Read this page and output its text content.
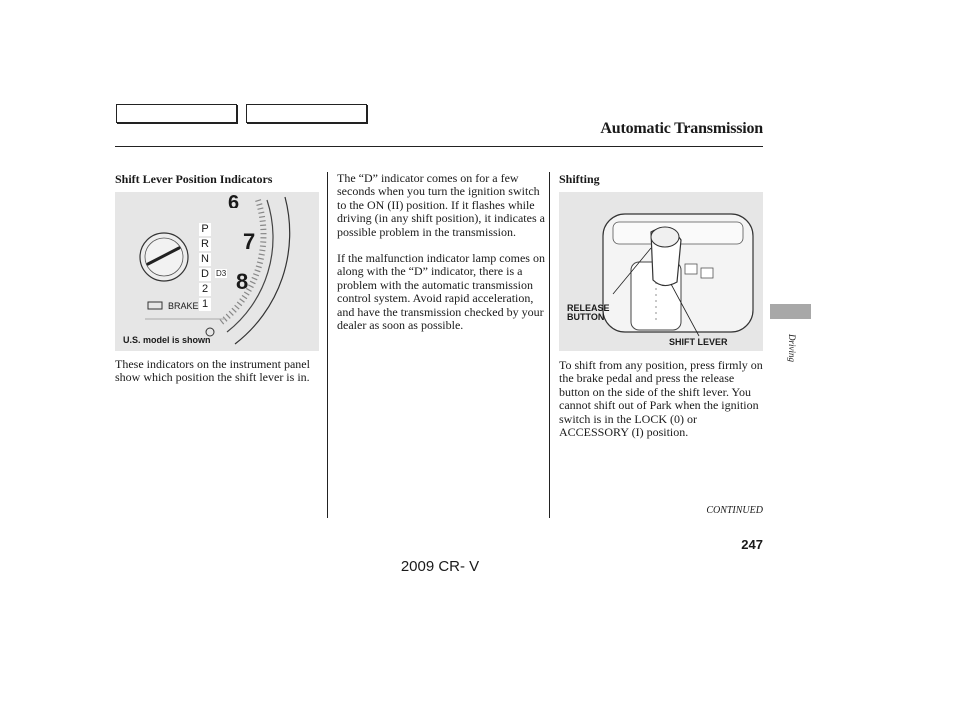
Automatic Transmission
Shift Lever Position Indicators
6
7
8
P
R
N
D
2
1
D3
BRAKE
U.S. model is shown

These indicators on the instrument panel show which position the shift lever is in.

The “D” indicator comes on for a few seconds when you turn the ignition switch to the ON (II) position. If it flashes while driving (in any shift position), it indicates a possible problem in the transmission.

If the malfunction indicator lamp comes on along with the “D” indicator, there is a problem with the automatic transmission control system. Avoid rapid acceleration, and have the transmission checked by your dealer as soon as possible.

Shifting
RELEASE
BUTTON
SHIFT LEVER

To shift from any position, press firmly on the brake pedal and press the release button on the side of the shift lever. You cannot shift out of Park when the ignition switch is in the LOCK (0) or ACCESSORY (I) position.

Driving
CONTINUED
247
2009 CR- V
